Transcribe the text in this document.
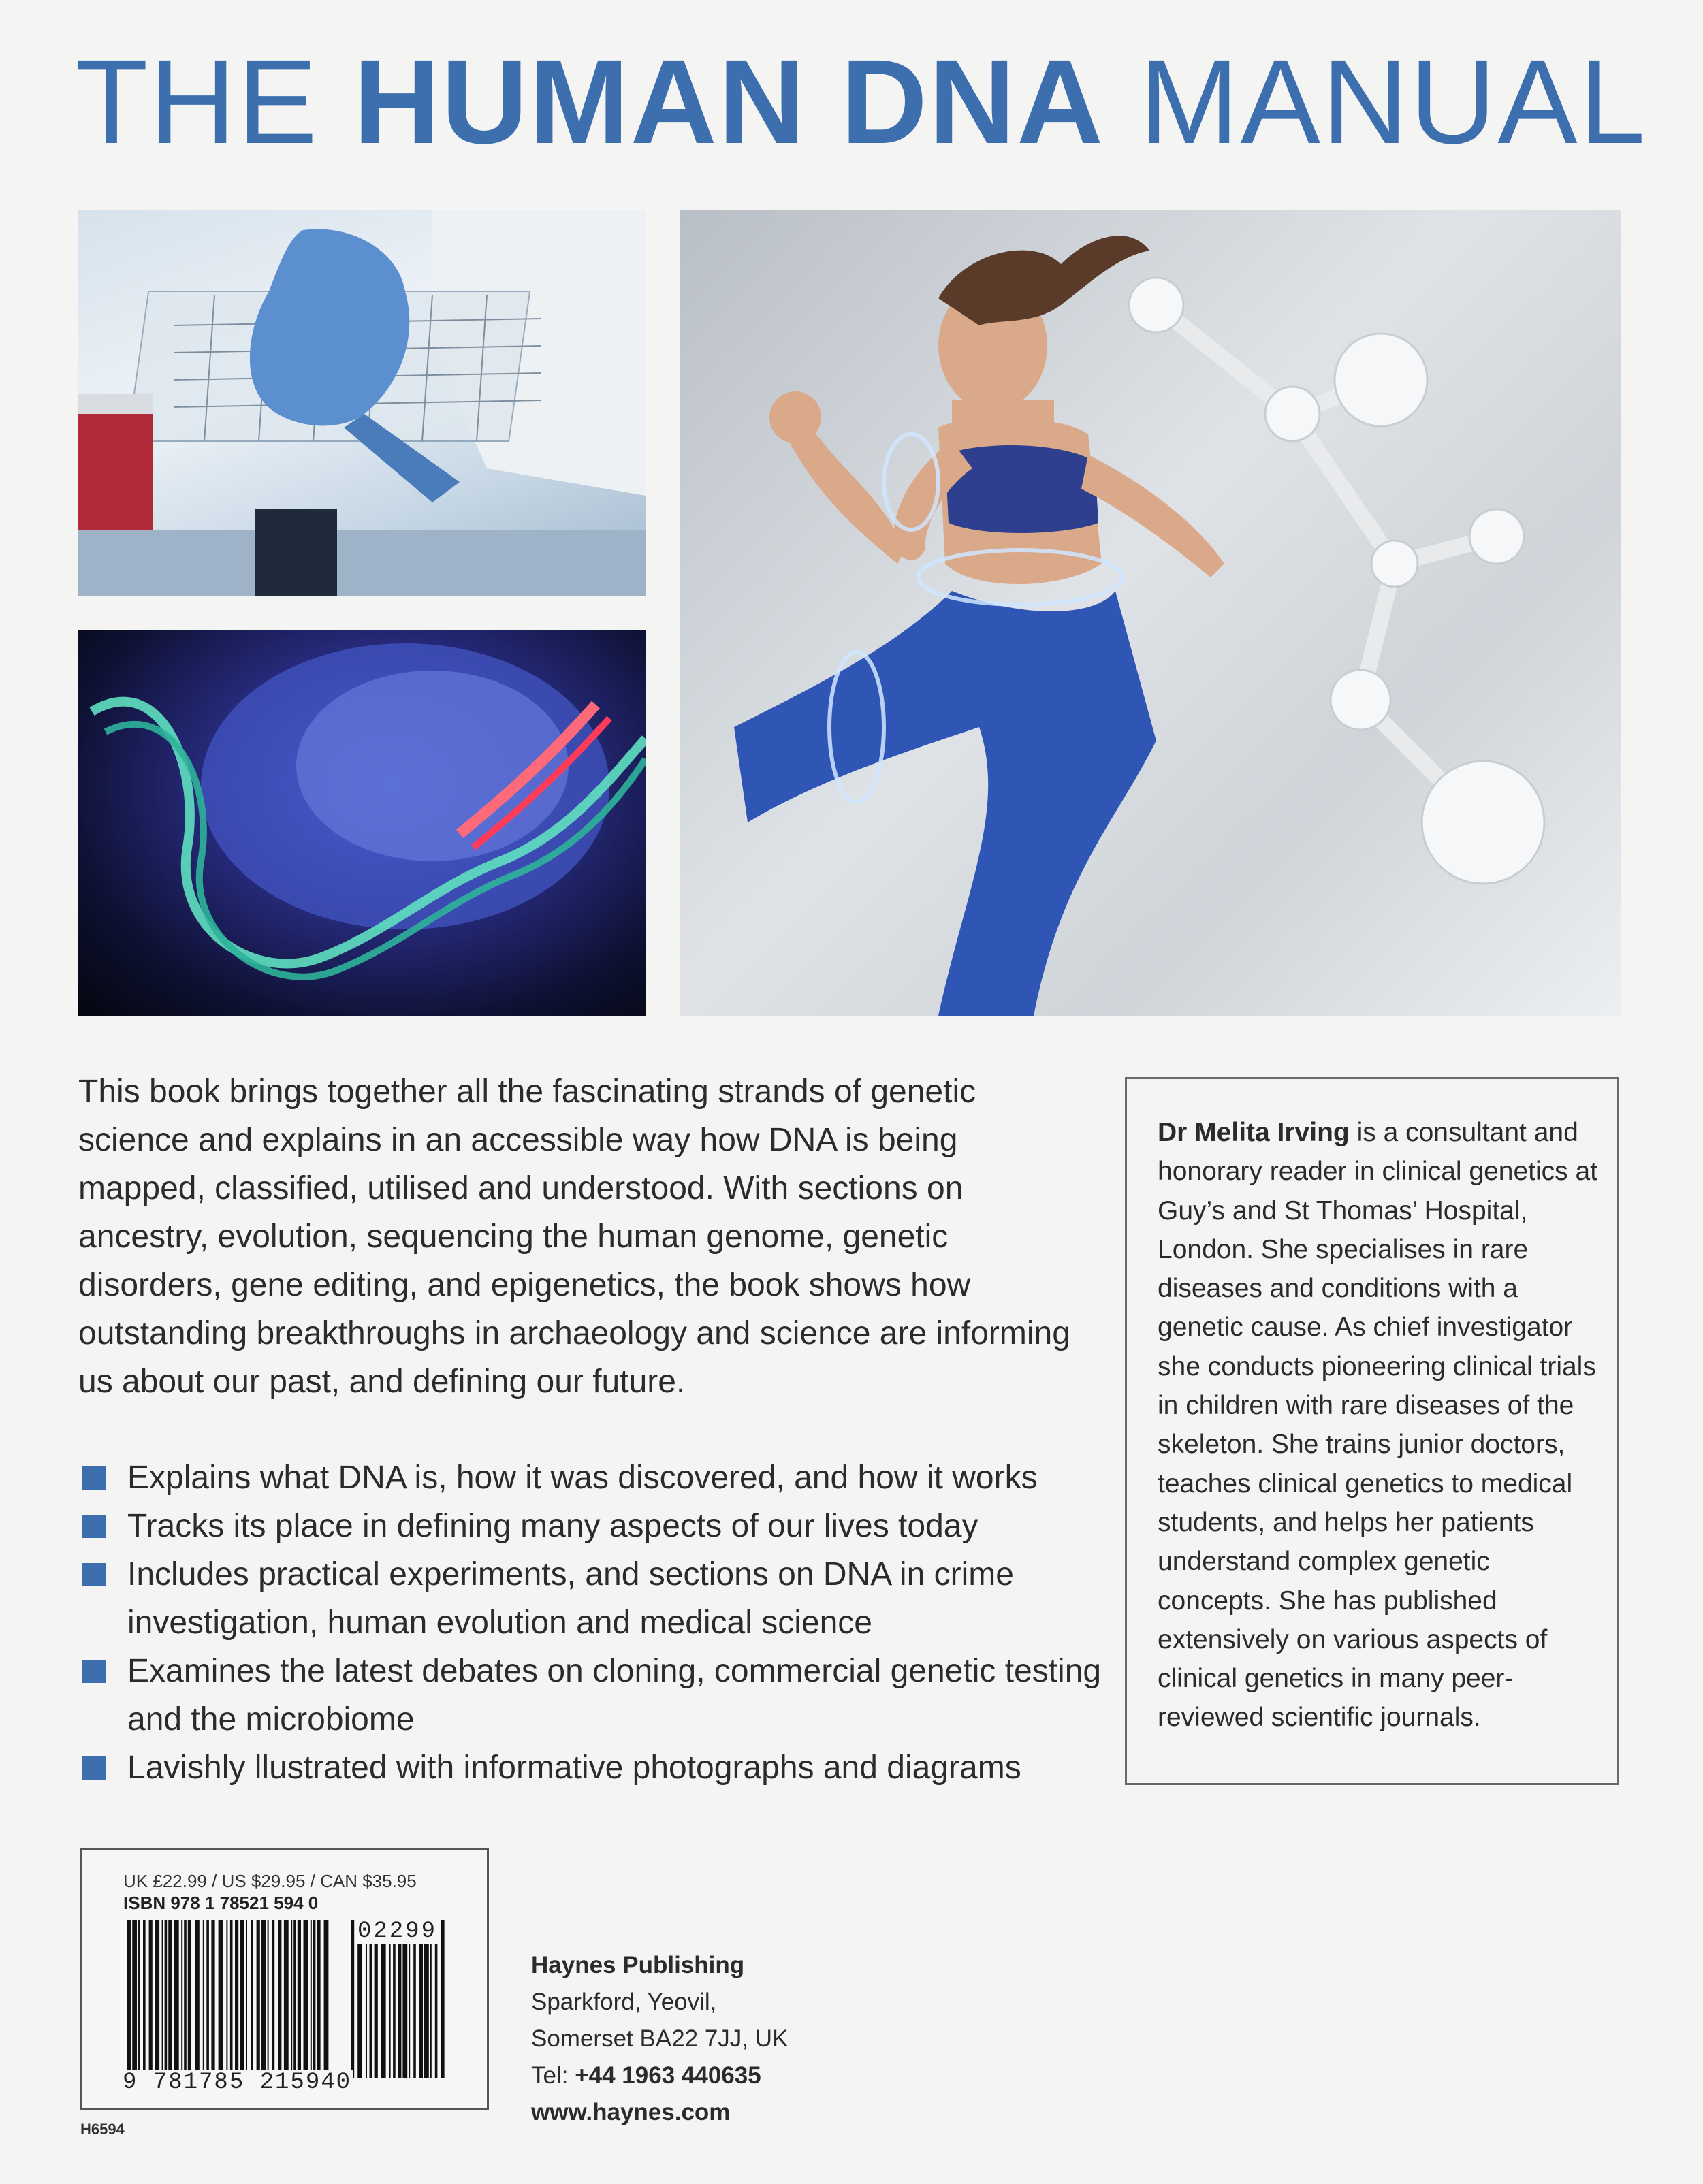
THE HUMAN DNA MANUAL
This book brings together all the fascinating strands of genetic science and explains in an accessible way how DNA is being mapped, classified, utilised and understood. With sections on ancestry, evolution, sequencing the human genome, genetic disorders, gene editing, and epigenetics, the book shows how outstanding breakthroughs in archaeology and science are informing us about our past, and defining our future.
Explains what DNA is, how it was discovered, and how it works
Tracks its place in defining many aspects of our lives today
Includes practical experiments, and sections on DNA in crime investigation, human evolution and medical science
Examines the latest debates on cloning, commercial genetic testing and the microbiome
Lavishly llustrated with informative photographs and diagrams
Dr Melita Irving is a consultant and honorary reader in clinical genetics at Guy’s and St Thomas’ Hospital, London. She specialises in rare diseases and conditions with a genetic cause. As chief investigator she conducts pioneering clinical trials in children with rare diseases of the skeleton. She trains junior doctors, teaches clinical genetics to medical students, and helps her patients understand complex genetic concepts. She has published extensively on various aspects of clinical genetics in many peer-reviewed scientific journals.
UK £22.99 / US $29.95 / CAN $35.95
ISBN 978 1 78521 594 0
02299
9 781785 215940
H6594
Haynes Publishing
Sparkford, Yeovil,
Somerset BA22 7JJ, UK
Tel: +44 1963 440635
www.haynes.com
